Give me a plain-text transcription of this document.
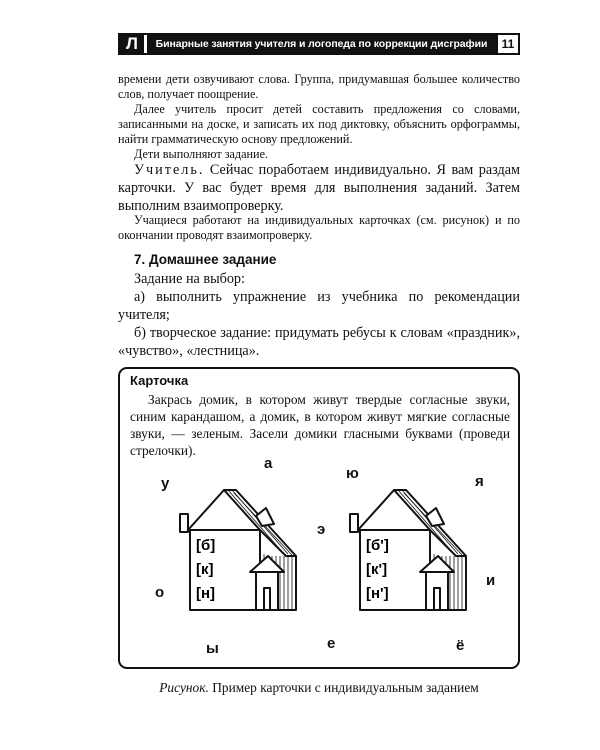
Л	Бинарные занятия учителя и логопеда по коррекции дисграфии	11

времени дети озвучивают слова. Группа, придумавшая большее количество слов, получает поощрение.

Далее учитель просит детей составить предложения со словами, записанными на доске, и записать их под диктовку, объяснить орфограммы, найти грамматическую основу предложений.

Дети выполняют задание.

Учитель. Сейчас поработаем индивидуально. Я вам раздам карточки. У вас будет время для выполнения заданий. Затем выполним взаимопроверку.
Учащиеся работают на индивидуальных карточках (см. рисунок) и по окончании проводят взаимопроверку.
7. Домашнее задание

Задание на выбор:

а) выполнить упражнение из учебника по рекомендации учителя;

б) творческое задание: придумать ребусы к словам «праздник», «чувство», «лестница».

Карточка
Закрась домик, в котором живут твердые согласные звуки, синим карандашом, а домик, в котором живут мягкие согласные звуки, — зеленым. Засели домики гласными буквами (проведи стрелочки).
у
а
ю	я
э
о
и
ы	е	ё
[б]
[к]
[н]
[б']
[к']
[н']
Рисунок. Пример карточки с индивидуальным заданием
